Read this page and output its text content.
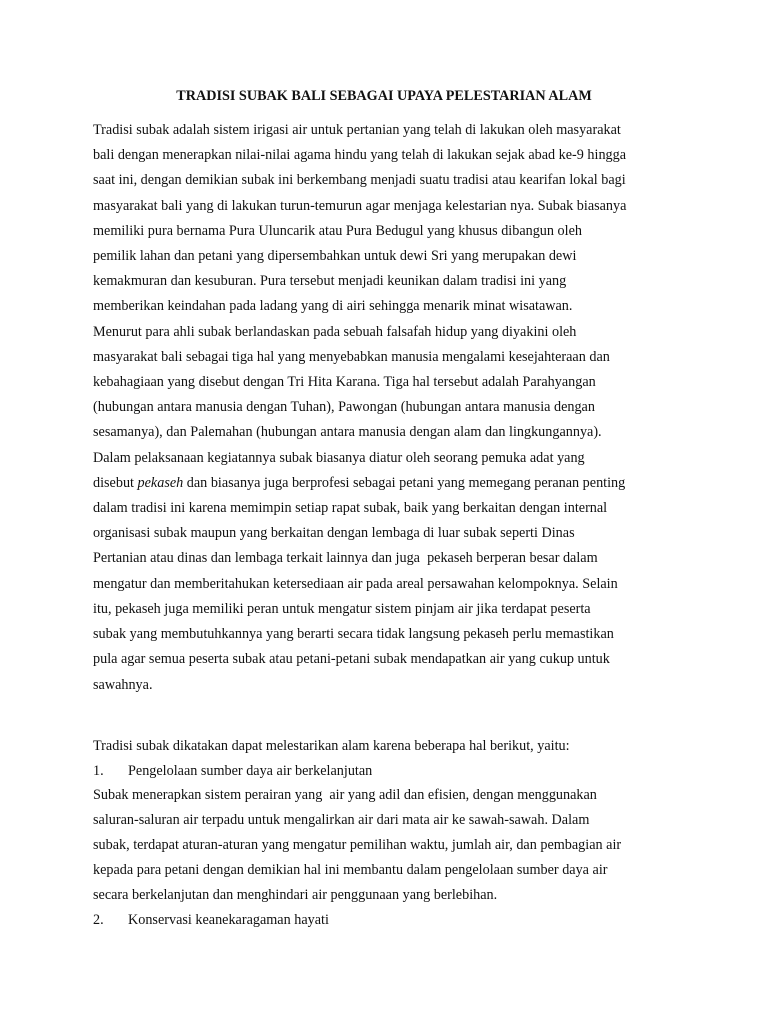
TRADISI SUBAK BALI SEBAGAI UPAYA PELESTARIAN ALAM

Tradisi subak adalah sistem irigasi air untuk pertanian yang telah di lakukan oleh masyarakat

bali dengan menerapkan nilai-nilai agama hindu yang telah di lakukan sejak abad ke-9 hingga

saat ini, dengan demikian subak ini berkembang menjadi suatu tradisi atau kearifan lokal bagi

masyarakat bali yang di lakukan turun-temurun agar menjaga kelestarian nya. Subak biasanya

memiliki pura bernama Pura Uluncarik atau Pura Bedugul yang khusus dibangun oleh

pemilik lahan dan petani yang dipersembahkan untuk dewi Sri yang merupakan dewi

kemakmuran dan kesuburan. Pura tersebut menjadi keunikan dalam tradisi ini yang

memberikan keindahan pada ladang yang di airi sehingga menarik minat wisatawan.

Menurut para ahli subak berlandaskan pada sebuah falsafah hidup yang diyakini oleh

masyarakat bali sebagai tiga hal yang menyebabkan manusia mengalami kesejahteraan dan

kebahagiaan yang disebut dengan Tri Hita Karana. Tiga hal tersebut adalah Parahyangan

(hubungan antara manusia dengan Tuhan), Pawongan (hubungan antara manusia dengan

sesamanya), dan Palemahan (hubungan antara manusia dengan alam dan lingkungannya).

Dalam pelaksanaan kegiatannya subak biasanya diatur oleh seorang pemuka adat yang

disebut pekaseh dan biasanya juga berprofesi sebagai petani yang memegang peranan penting

dalam tradisi ini karena memimpin setiap rapat subak, baik yang berkaitan dengan internal

organisasi subak maupun yang berkaitan dengan lembaga di luar subak seperti Dinas

Pertanian atau dinas dan lembaga terkait lainnya dan juga  pekaseh berperan besar dalam

mengatur dan memberitahukan ketersediaan air pada areal persawahan kelompoknya. Selain

itu, pekaseh juga memiliki peran untuk mengatur sistem pinjam air jika terdapat peserta

subak yang membutuhkannya yang berarti secara tidak langsung pekaseh perlu memastikan

pula agar semua peserta subak atau petani-petani subak mendapatkan air yang cukup untuk

sawahnya.

Tradisi subak dikatakan dapat melestarikan alam karena beberapa hal berikut, yaitu:

1. Pengelolaan sumber daya air berkelanjutan

Subak menerapkan sistem perairan yang  air yang adil dan efisien, dengan menggunakan

saluran-saluran air terpadu untuk mengalirkan air dari mata air ke sawah-sawah. Dalam

subak, terdapat aturan-aturan yang mengatur pemilihan waktu, jumlah air, dan pembagian air

kepada para petani dengan demikian hal ini membantu dalam pengelolaan sumber daya air

secara berkelanjutan dan menghindari air penggunaan yang berlebihan.

2. Konservasi keanekaragaman hayati
